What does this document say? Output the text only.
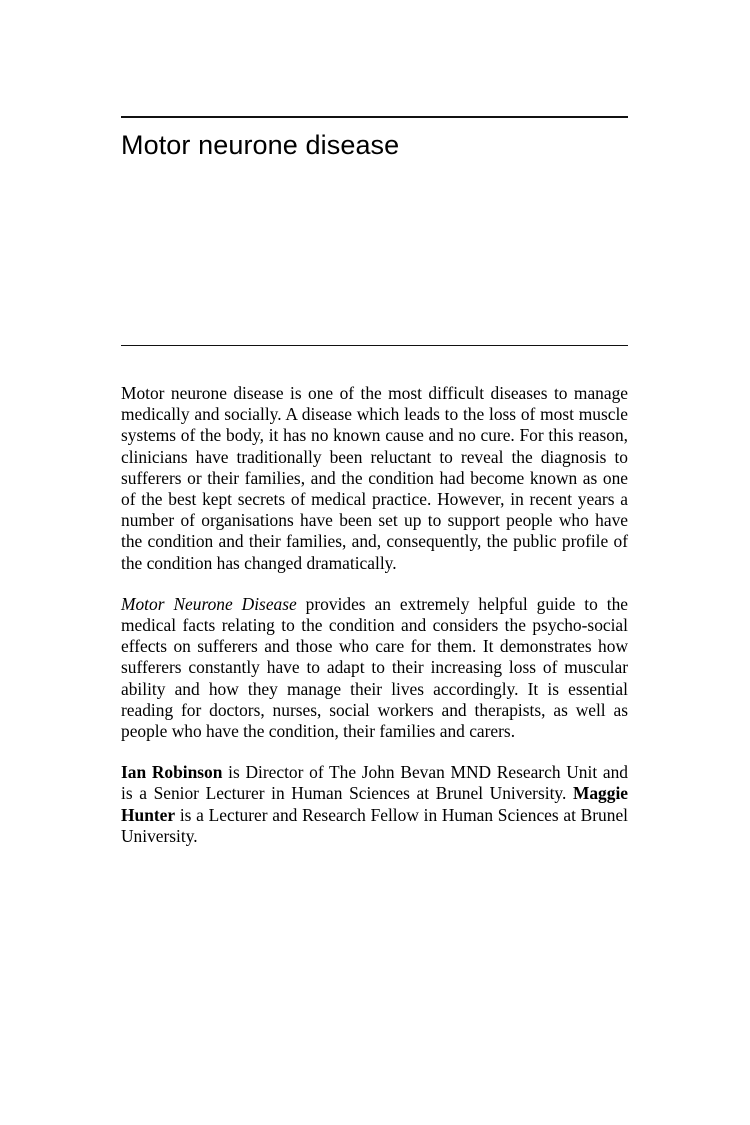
Motor neurone disease

Motor neurone disease is one of the most difficult diseases to manage medically and socially. A disease which leads to the loss of most muscle systems of the body, it has no known cause and no cure. For this reason, clinicians have traditionally been reluctant to reveal the diagnosis to sufferers or their families, and the condition had become known as one of the best kept secrets of medical practice. However, in recent years a number of organisations have been set up to support people who have the condition and their families, and, consequently, the public profile of the condition has changed dramatically.

Motor Neurone Disease provides an extremely helpful guide to the medical facts relating to the condition and considers the psycho-social effects on sufferers and those who care for them. It demonstrates how sufferers constantly have to adapt to their increasing loss of muscular ability and how they manage their lives accordingly. It is essential reading for doctors, nurses, social workers and therapists, as well as people who have the condition, their families and carers.

Ian Robinson is Director of The John Bevan MND Research Unit and is a Senior Lecturer in Human Sciences at Brunel University. Maggie Hunter is a Lecturer and Research Fellow in Human Sciences at Brunel University.
